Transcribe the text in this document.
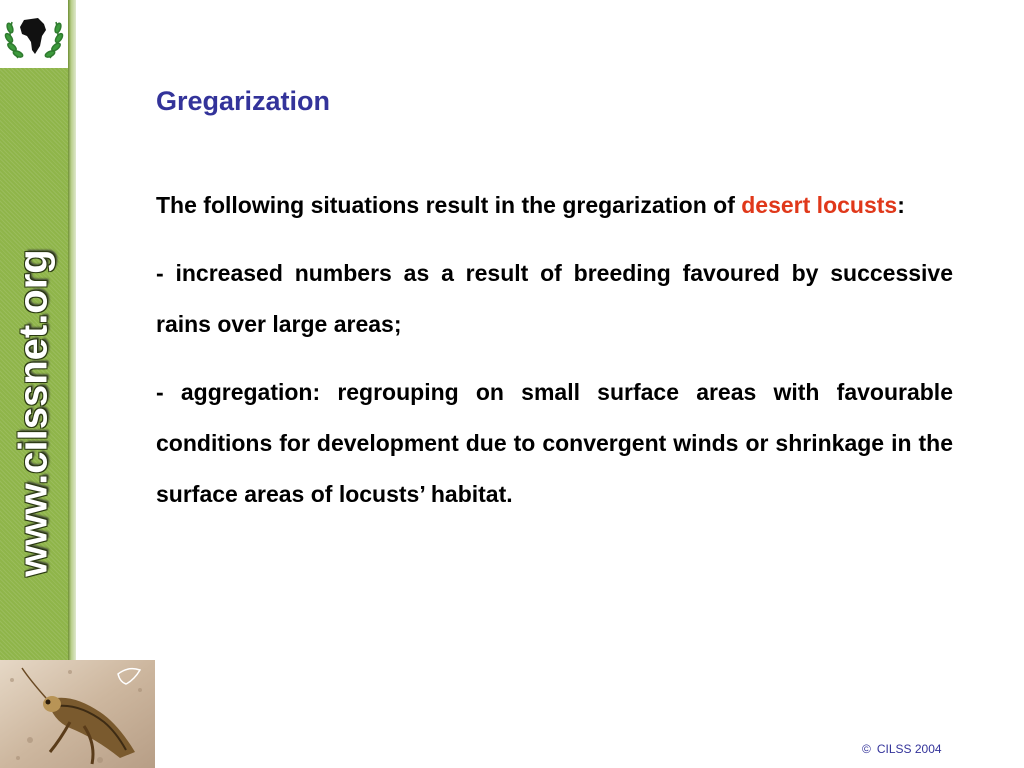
www.cilssnet.org
Gregarization

The following situations result in the gregarization of desert locusts:

- increased numbers as a result of breeding favoured by successive rains over large areas;

- aggregation: regrouping on small surface areas with favourable conditions for development due to convergent winds or shrinkage in the surface areas of locusts’ habitat.

© CILSS 2004
